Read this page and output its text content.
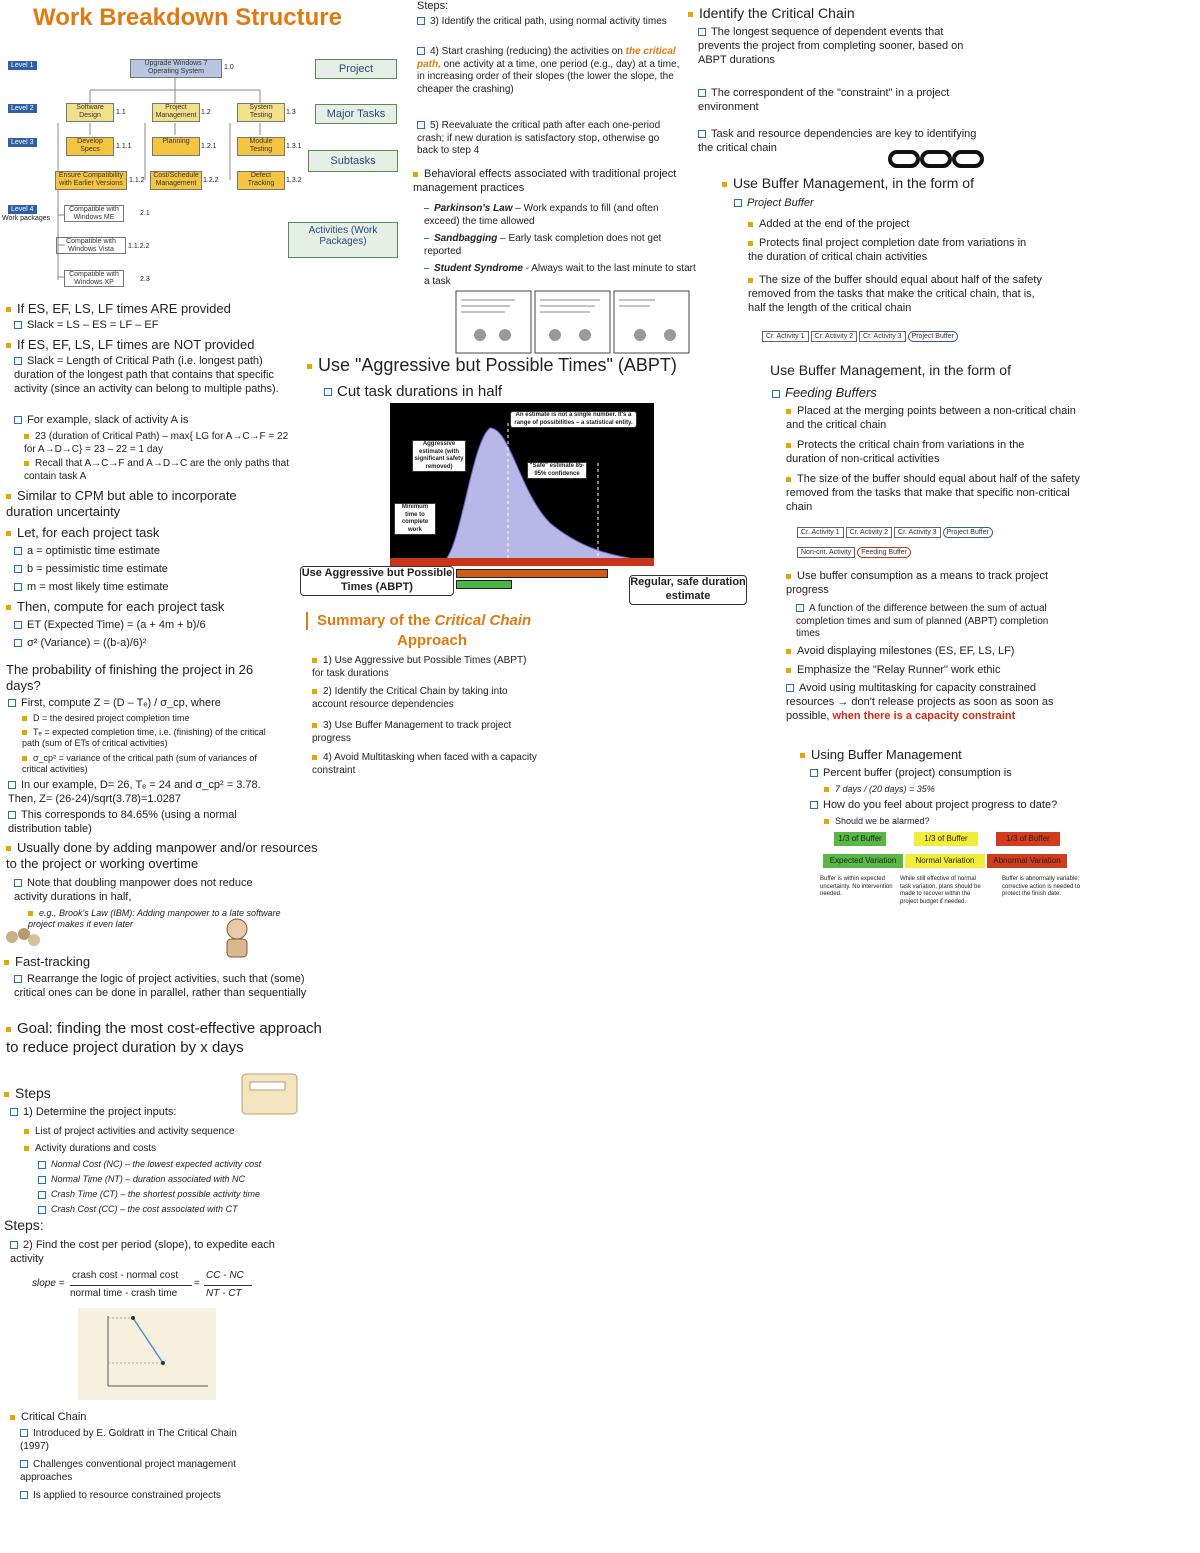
Work Breakdown Structure
Level 1
Level 2
Level 3
Level 4
Work packages
Upgrade Windows 7 Operating System
1.0
Software Design	1.1
Project Management 1.2
System Testing	1.3
Develop Specs	1.1.1
Planning
1.2.1
Module Testing	1.3.1
Ensure Compatibility with Earlier Versions 1.1.2
Cost/Schedule Management 1.2.2
Defect Tracking	1.3.2
Compatible with Windows ME
2.1
Compatible with Windows Vista	1.1.2.2
Compatible with Windows XP	2.3
Project
Major Tasks
Subtasks
Activities (Work Packages)
If ES, EF, LS, LF times ARE provided
Slack = LS – ES = LF – EF
If ES, EF, LS, LF times are NOT provided
Slack = Length of Critical Path (i.e. longest path) duration of the longest path that contains that specific activity (since an activity can belong to multiple paths).
For example, slack of activity A is
23 (duration of Critical Path) – max{ LG for A→C→F = 22 for A→D→C} = 23 – 22 = 1 day
Recall that A→C→F and A→D→C are the only paths that contain task A
Similar to CPM but able to incorporate duration uncertainty
Let, for each project task
a = optimistic time estimate
b = pessimistic time estimate
m = most likely time estimate
Then, compute for each project task
ET (Expected Time) = (a + 4m + b)/6
σ² (Variance) = ((b-a)/6)²
The probability of finishing the project in 26 days?
First, compute Z = (D – Tₑ) / σ_cp, where
D = the desired project completion time
Tₑ = expected completion time, i.e. (finishing) of the critical path (sum of ETs of critical activities)
σ_cp² = variance of the critical path (sum of variances of critical activities)
In our example, D= 26, Tₑ = 24 and σ_cp² = 3.78. Then, Z= (26-24)/sqrt(3.78)=1.0287
This corresponds to 84.65% (using a normal distribution table)
Usually done by adding manpower and/or resources to the project or working overtime
Note that doubling manpower does not reduce activity durations in half,
e.g., Brook's Law (IBM): Adding manpower to a late software project makes it even later
Fast-tracking
Rearrange the logic of project activities, such that (some) critical ones can be done in parallel, rather than sequentially
Goal: finding the most cost-effective approach to reduce project duration by x days
Steps
1) Determine the project inputs:
List of project activities and activity sequence
Activity durations and costs
Normal Cost (NC) – the lowest expected activity cost
Normal Time (NT) – duration associated with NC
Crash Time (CT) – the shortest possible activity time
Crash Cost (CC) – the cost associated with CT
Steps:
2) Find the cost per period (slope), to expedite each activity
slope =
crash cost - normal cost
normal time - crash time
=
CC - NC
NT - CT
Critical Chain
Introduced by E. Goldratt in The Critical Chain (1997)
Challenges conventional project management approaches
Is applied to resource constrained projects
Steps:
3) Identify the critical path, using normal activity times
4) Start crashing (reducing) the activities on the critical path, one activity at a time, one period (e.g., day) at a time, in increasing order of their slopes (the lower the slope, the cheaper the crashing)
5) Reevaluate the critical path after each one-period crash; if new duration is satisfactory stop, otherwise go back to step 4
Behavioral effects associated with traditional project management practices
Parkinson's Law – Work expands to fill (and often exceed) the time allowed
Sandbagging – Early task completion does not get reported
Student Syndrome - Always wait to the last minute to start a task
Use "Aggressive but Possible Times" (ABPT)
Cut task durations in half
An estimate is not a single number. It's a range of possibilities – a statistical entity.
Aggressive estimate (with significant safety removed)	"Safe" estimate 85-95% confidence
Minimum time to complete work
Use Aggressive but Possible Times (ABPT)	Regular, safe duration estimate
Summary of the Critical Chain
Approach
1) Use Aggressive but Possible Times (ABPT) for task durations
2) Identify the Critical Chain by taking into account resource dependencies
3) Use Buffer Management to track project progress
4) Avoid Multitasking when faced with a capacity constraint
Identify the Critical Chain
The longest sequence of dependent events that prevents the project from completing sooner, based on ABPT durations
The correspondent of the "constraint" in a project environment
Task and resource dependencies are key to identifying the critical chain
Use Buffer Management, in the form of
Project Buffer
Added at the end of the project
Protects final project completion date from variations in the duration of critical chain activities
The size of the buffer should equal about half of the safety removed from the tasks that make the critical chain, that is, half the length of the critical chain
Cr. Activity 1	Cr. Activity 2	Cr. Activity 3	Project Buffer
Use Buffer Management, in the form of
Feeding Buffers
Placed at the merging points between a non-critical chain and the critical chain
Protects the critical chain from variations in the duration of non-critical activities
The size of the buffer should equal about half of the safety removed from the tasks that make that specific non-critical chain
Cr. Activity 1	Cr. Activity 2	Cr. Activity 3	Project Buffer
Non-crit. Activity	Feeding Buffer
Use buffer consumption as a means to track project progress
A function of the difference between the sum of actual completion times and sum of planned (ABPT) completion times
Avoid displaying milestones (ES, EF, LS, LF)
Emphasize the "Relay Runner" work ethic
Avoid using multitasking for capacity constrained resources → don't release projects as soon as soon as possible, when there is a capacity constraint
Using Buffer Management
Percent buffer (project) consumption is
7 days / (20 days) = 35%
How do you feel about project progress to date?
Should we be alarmed?
1/3 of Buffer	1/3 of Buffer	1/3 of Buffer
Expected Variation	Normal Variation	Abnormal Variation
Buffer is within expected uncertainty. No intervention needed.
While still effective of normal task variation, plans should be made to recover within the project budget if needed.
Buffer is abnormally variable; corrective action is needed to protect the finish date.
